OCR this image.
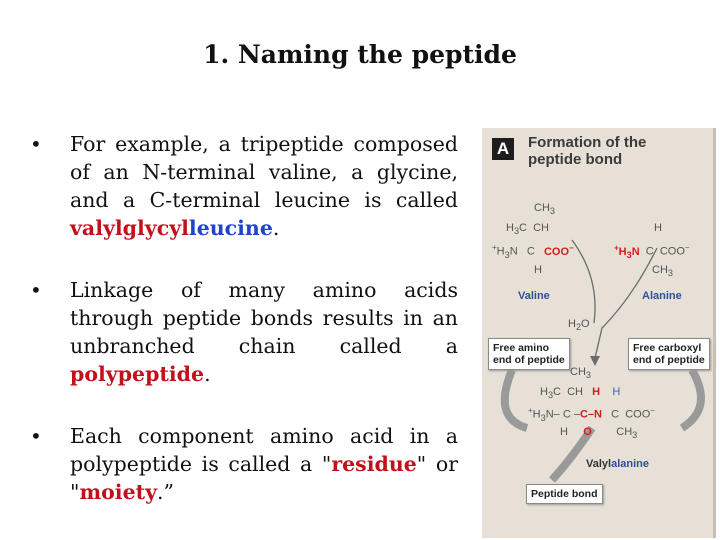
1. Naming the peptide
• For example, a tripeptide composed of an N-terminal valine, a glycine, and a C-terminal leucine is called valylglycylleucine.
• Linkage of many amino acids through peptide bonds results in an unbranched chain called a polypeptide.
• Each component amino acid in a polypeptide is called a "residue" or "moiety.”
A	Formation of the
peptide bond
$CH_3$
$H_3C$  CH
$^+H_3N$   C   COO−
H
H
$^+H_3N$  C  COO−
$CH_3$
Valine	Alanine
$H_2O$
Free amino
end of peptide
Free carboxyl
end of peptide
$CH_3$
$H_3C$  CH   H H
$^+H_3N-$ C –C–N   C  COO−
H     O        $CH_3$
Valylalanine
Peptide bond
